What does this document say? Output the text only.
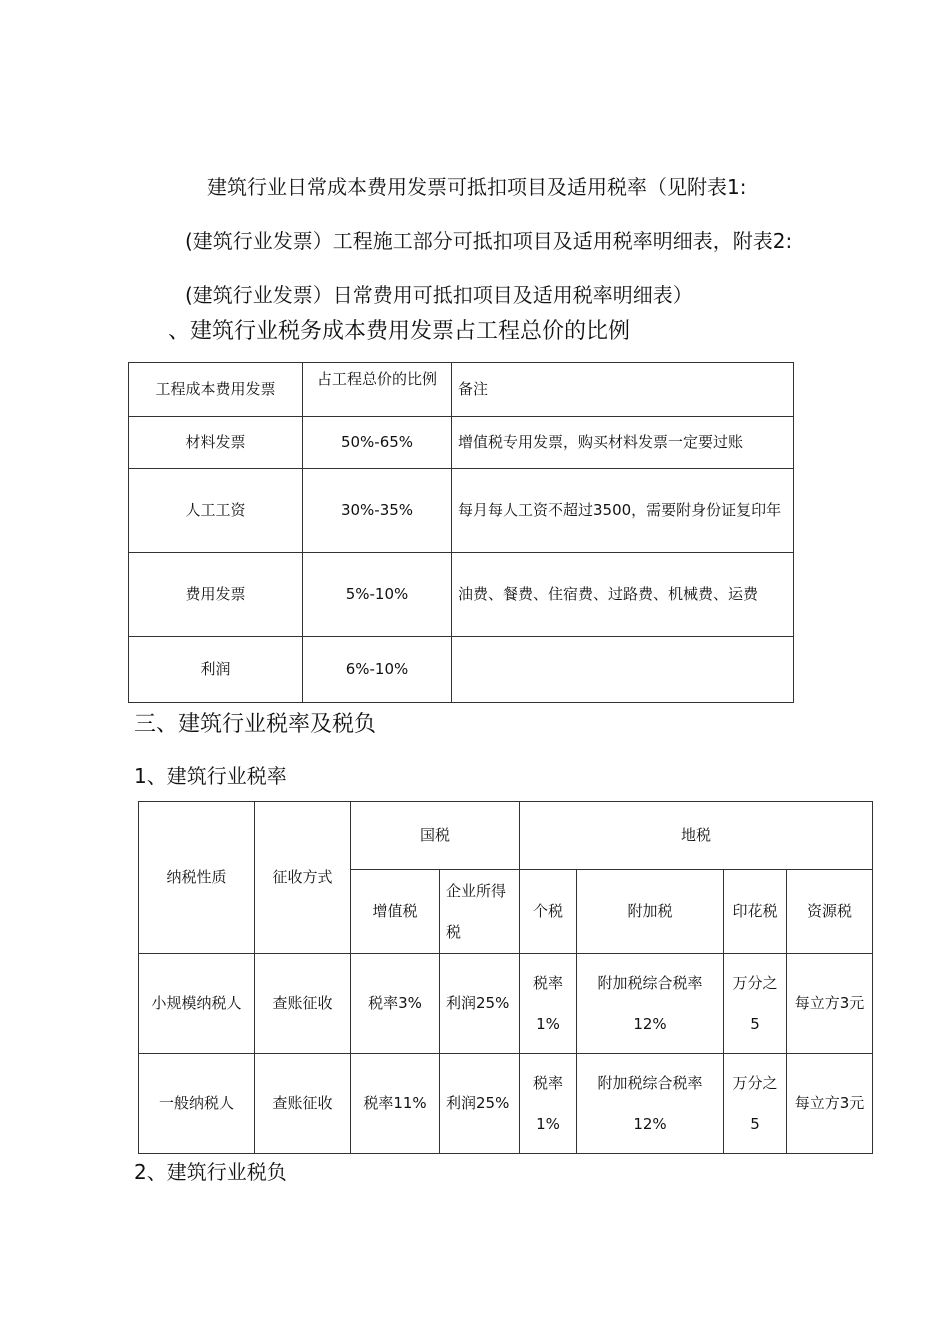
建筑行业日常成本费用发票可抵扣项目及适用税率（见附表1:
(建筑行业发票）工程施工部分可抵扣项目及适用税率明细表，附表2:
(建筑行业发票）日常费用可抵扣项目及适用税率明细表）

、建筑行业税务成本费用发票占工程总价的比例
工程成本费用发票	占工程总价的比例	备注
材料发票	50%-65%	增值税专用发票，购买材料发票一定要过账
人工工资	30%-35%	每月每人工资不超过3500，需要附身份证复印年
费用发票	5%-10%	油费、餐费、住宿费、过路费、机械费、运费
利润	6%-10%	
三、建筑行业税率及税负
1、建筑行业税率
纳税性质	征收方式	国税		地税			
		增值税	企业所得税	个税	附加税	印花税	资源税
小规模纳税人	查账征收	税率3%	利润25%	税率1%	附加税综合税率12%	万分之5	每立方3元
一般纳税人	查账征收	税率11%	利润25%	税率1%	附加税综合税率12%	万分之5	每立方3元
2、建筑行业税负
